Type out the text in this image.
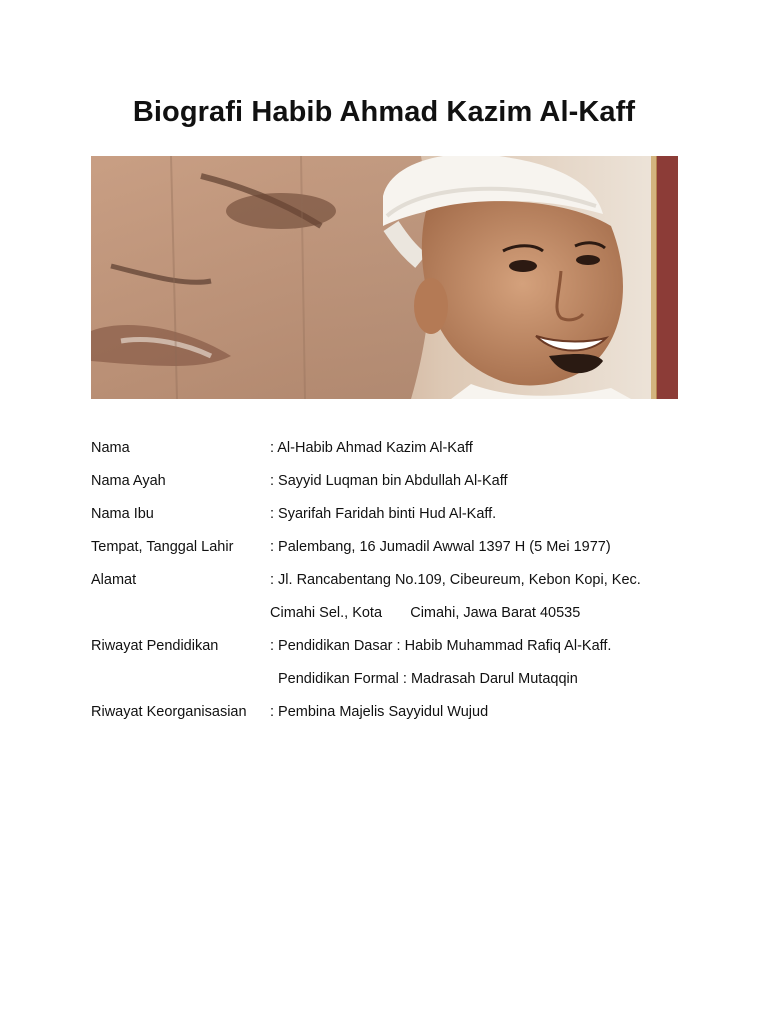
Biografi Habib Ahmad Kazim Al-Kaff
Nama	: Al-Habib Ahmad Kazim Al-Kaff
Nama Ayah	: Sayyid Luqman bin Abdullah Al-Kaff
Nama Ibu	: Syarifah Faridah binti Hud Al-Kaff.
Tempat, Tanggal Lahir	: Palembang, 16 Jumadil Awwal 1397 H (5 Mei 1977)
Alamat	: Jl. Rancabentang No.109, Cibeureum, Kebon Kopi, Kec.
Cimahi Sel., Kota       Cimahi, Jawa Barat 40535
Riwayat Pendidikan	: Pendidikan Dasar : Habib Muhammad Rafiq Al-Kaff.
Pendidikan Formal : Madrasah Darul Mutaqqin
Riwayat Keorganisasian	: Pembina Majelis Sayyidul Wujud
